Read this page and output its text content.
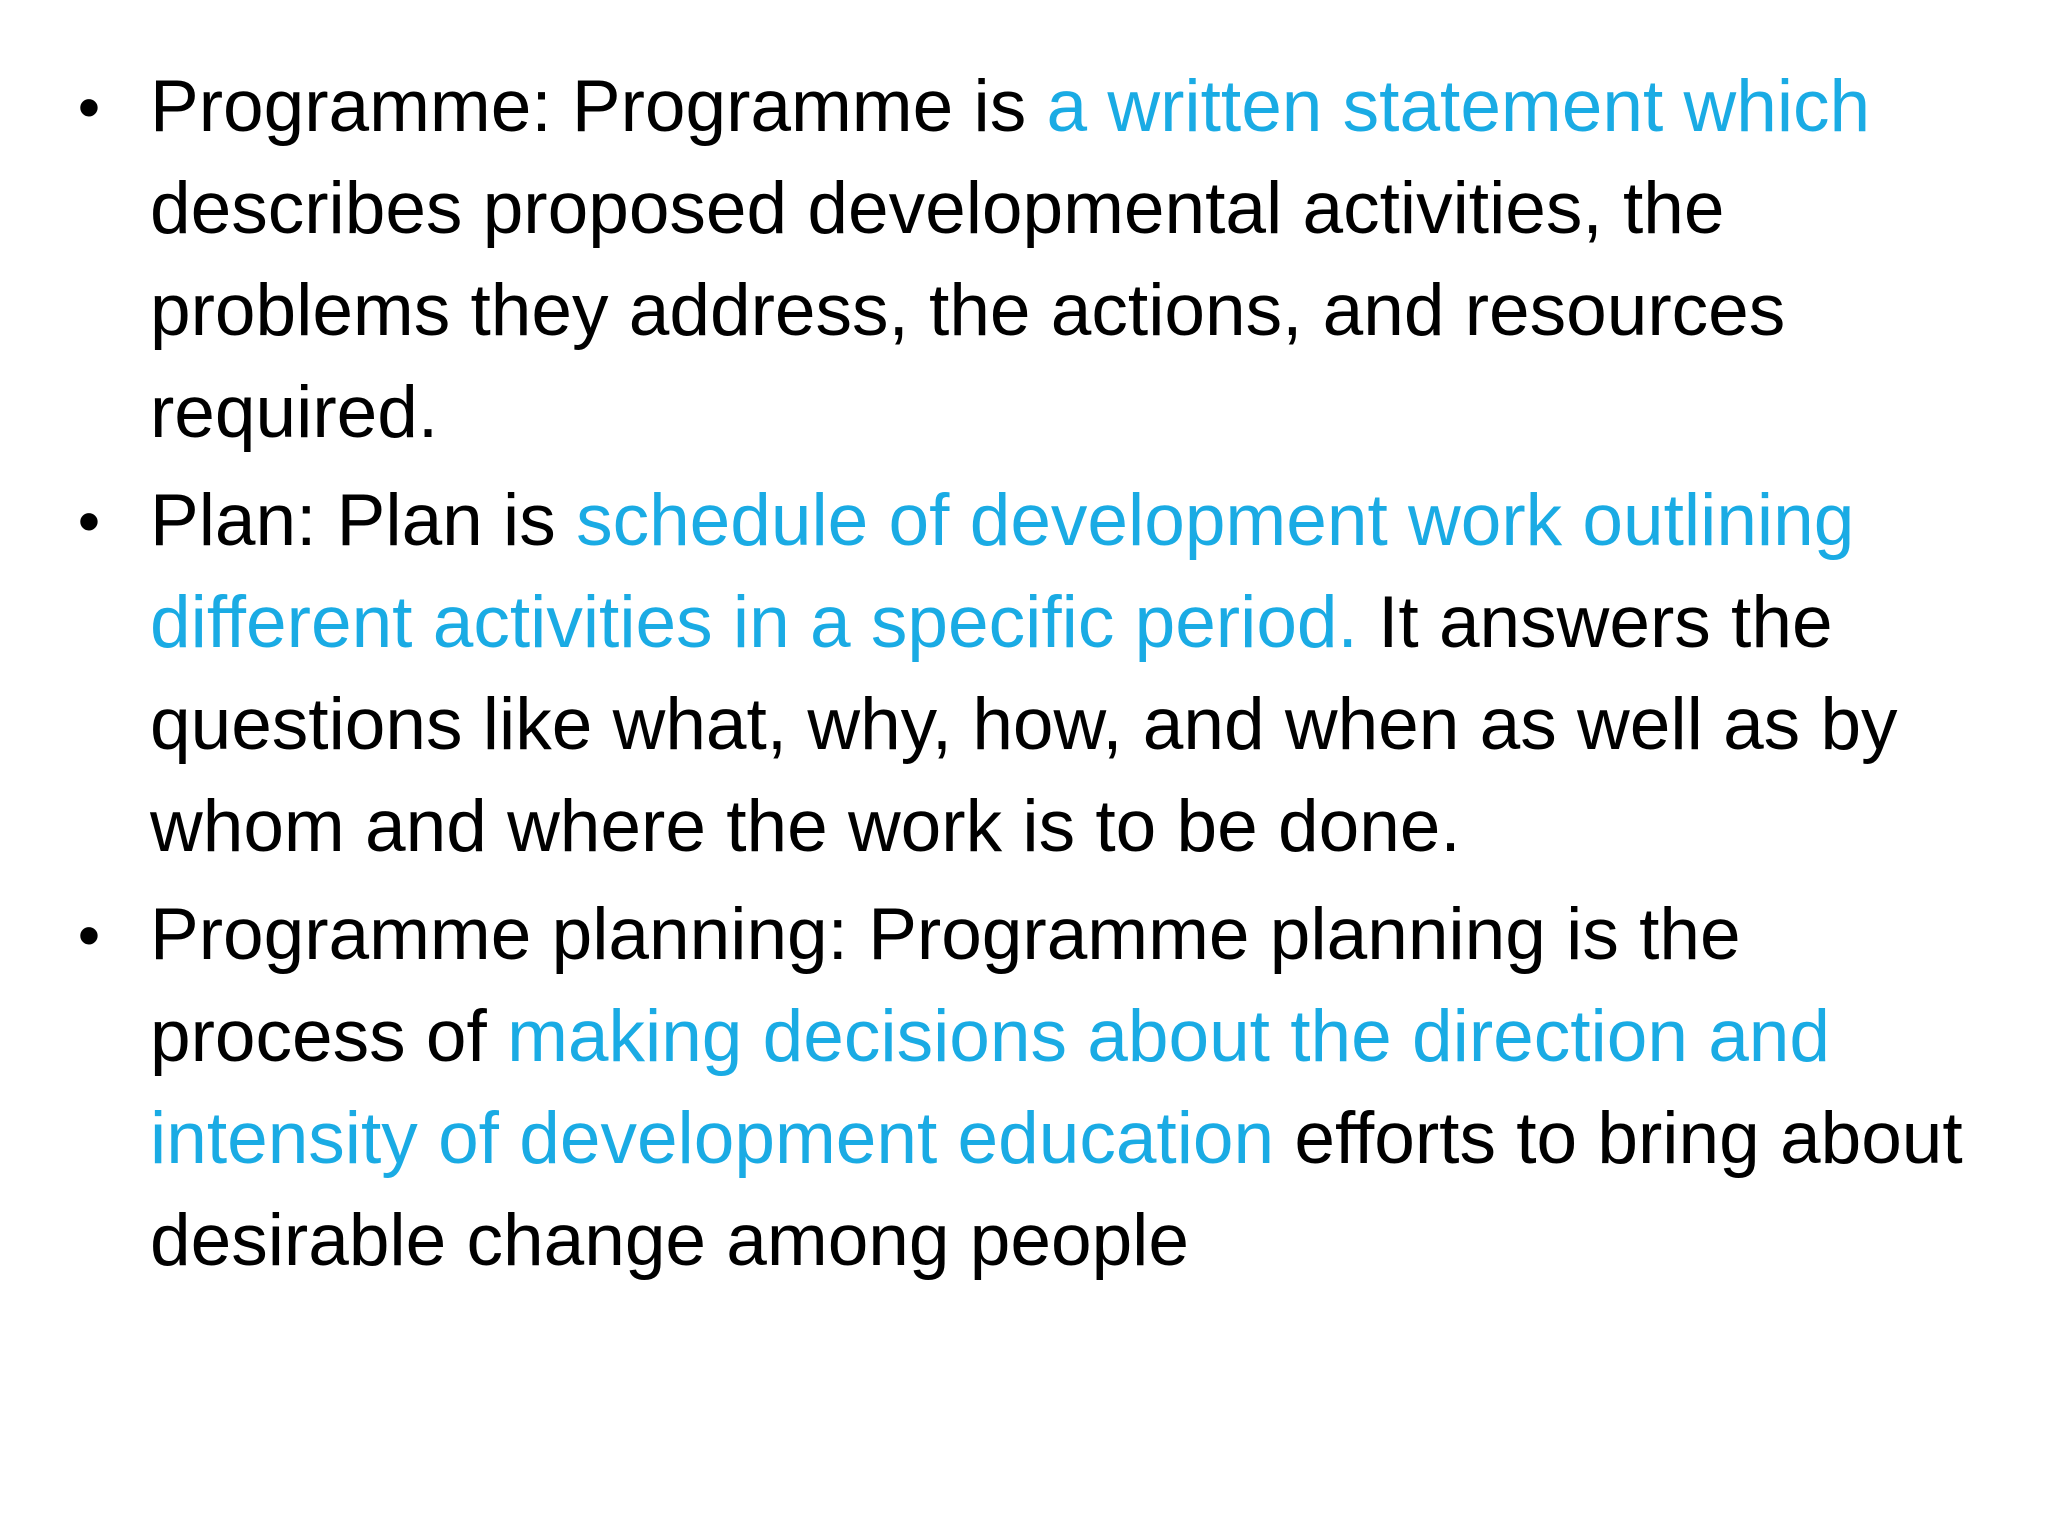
• Programme: Programme is a written statement which describes proposed developmental activities, the problems they address, the actions, and resources required.
• Plan: Plan is schedule of development work outlining different activities in a specific period. It answers the questions like what, why, how, and when as well as by whom and where the work is to be done.
• Programme planning: Programme planning is the process of making decisions about the direction and intensity of development education efforts to bring about desirable change among people
